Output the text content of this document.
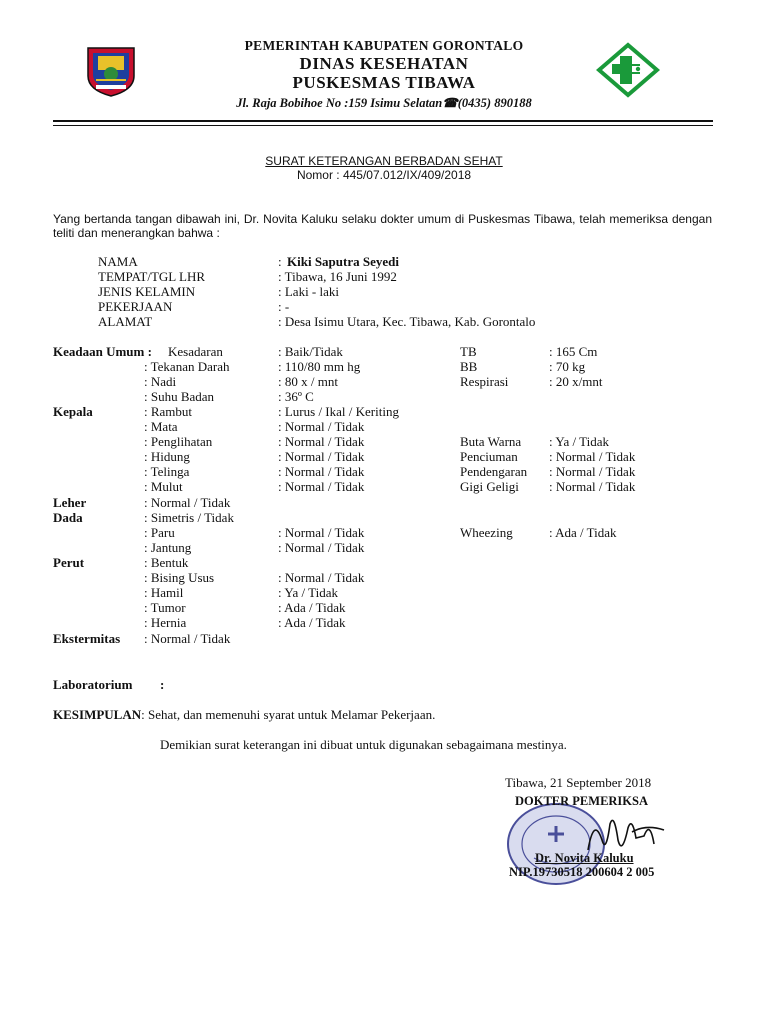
PEMERINTAH KABUPATEN GORONTALO
DINAS KESEHATAN
PUSKESMAS TIBAWA
Jl. Raja Bobihoe No :159 Isimu Selatan☎(0435) 890188
SURAT KETERANGAN BERBADAN SEHAT
Nomor : 445/07.012/IX/409/2018
Yang bertanda tangan dibawah ini, Dr. Novita Kaluku selaku dokter umum di Puskesmas Tibawa, telah memeriksa dengan teliti dan menerangkan bahwa :
NAMA	: Kiki Saputra Seyedi
TEMPAT/TGL LHR	: Tibawa, 16 Juni 1992
JENIS KELAMIN	: Laki - laki
PEKERJAAN	: -
ALAMAT	: Desa Isimu Utara, Kec. Tibawa, Kab. Gorontalo
Keadaan Umum : Kesadaran	: Baik/Tidak	TB	: 165 Cm
: Tekanan Darah	: 110/80 mm hg	BB	: 70 kg
: Nadi	: 80 x / mnt	Respirasi	: 20 x/mnt
: Suhu Badan	: 36º C
Kepala	: Rambut	: Lurus / Ikal / Keriting
: Mata	: Normal / Tidak
: Penglihatan	: Normal / Tidak	Buta Warna : Ya / Tidak
: Hidung	: Normal / Tidak	Penciuman : Normal / Tidak
: Telinga	: Normal / Tidak	Pendengaran : Normal / Tidak
: Mulut	: Normal / Tidak	Gigi Geligi : Normal / Tidak
Leher	: Normal / Tidak
Dada	: Simetris / Tidak
: Paru	: Normal / Tidak	Wheezing	: Ada / Tidak
: Jantung	: Normal / Tidak
Perut	: Bentuk
: Bising Usus	: Normal / Tidak
: Hamil	: Ya / Tidak
: Tumor	: Ada / Tidak
: Hernia	: Ada / Tidak
Ekstermitas : Normal / Tidak
Laboratorium :
KESIMPULAN: Sehat, dan memenuhi syarat untuk Melamar Pekerjaan.
Demikian surat keterangan ini dibuat untuk digunakan sebagaimana mestinya.
Tibawa, 21 September 2018
DOKTER PEMERIKSA
Dr. Novita Kaluku
NIP.19730518 200604 2 005
